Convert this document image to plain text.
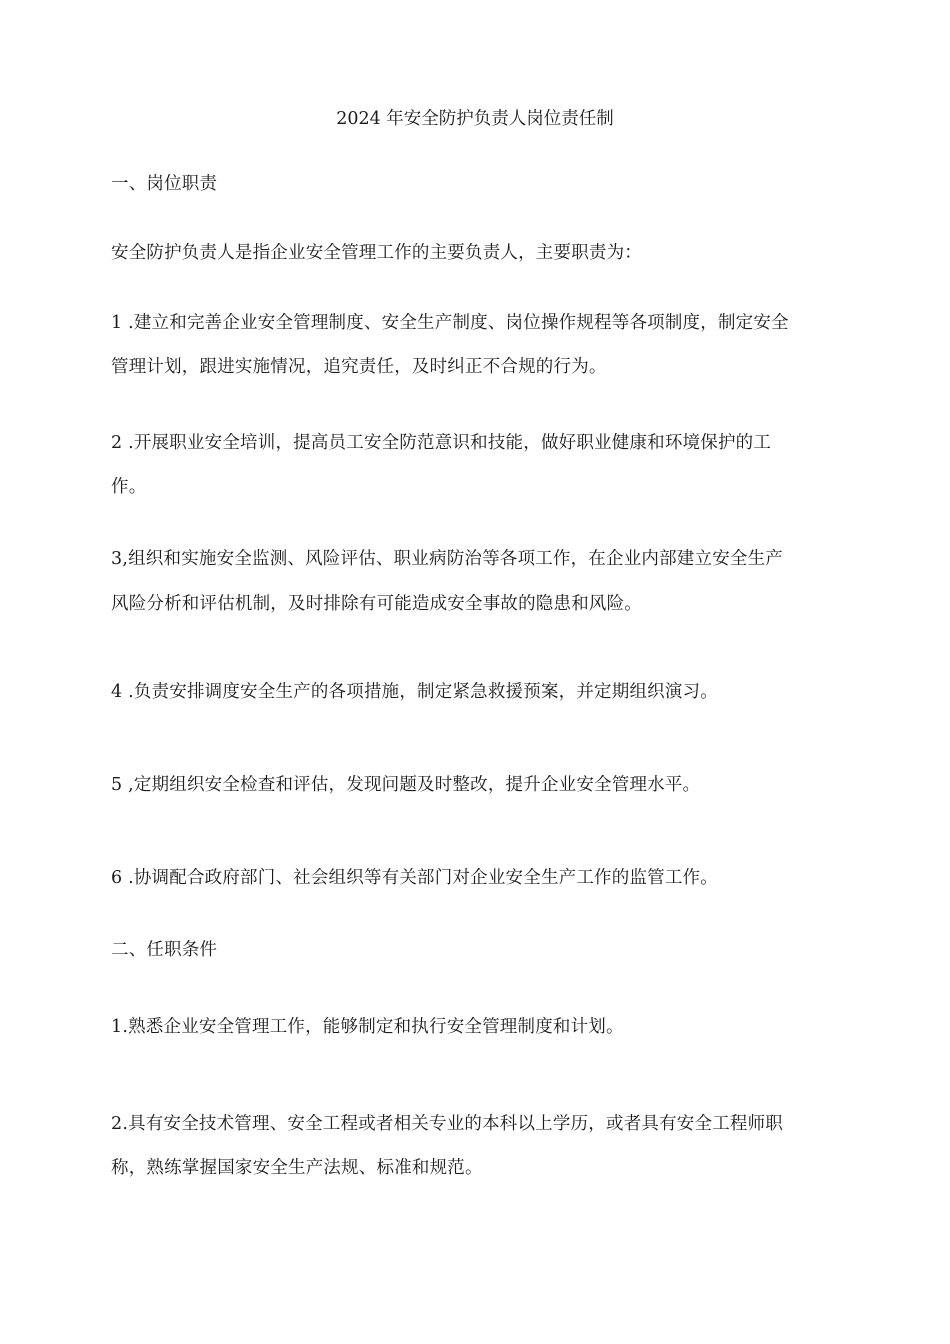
2024 年安全防护负责人岗位责任制
一、岗位职责
安全防护负责人是指企业安全管理工作的主要负责人，主要职责为：
1 .建立和完善企业安全管理制度、安全生产制度、岗位操作规程等各项制度，制定安全
管理计划，跟进实施情况，追究责任，及时纠正不合规的行为。
2 .开展职业安全培训，提高员工安全防范意识和技能，做好职业健康和环境保护的工
作。
3,组织和实施安全监测、风险评估、职业病防治等各项工作，在企业内部建立安全生产
风险分析和评估机制，及时排除有可能造成安全事故的隐患和风险。
4 .负责安排调度安全生产的各项措施，制定紧急救援预案，并定期组织演习。
5 ,定期组织安全检查和评估，发现问题及时整改，提升企业安全管理水平。
6 .协调配合政府部门、社会组织等有关部门对企业安全生产工作的监管工作。
二、任职条件
1.熟悉企业安全管理工作，能够制定和执行安全管理制度和计划。
2.具有安全技术管理、安全工程或者相关专业的本科以上学历，或者具有安全工程师职
称，熟练掌握国家安全生产法规、标准和规范。
